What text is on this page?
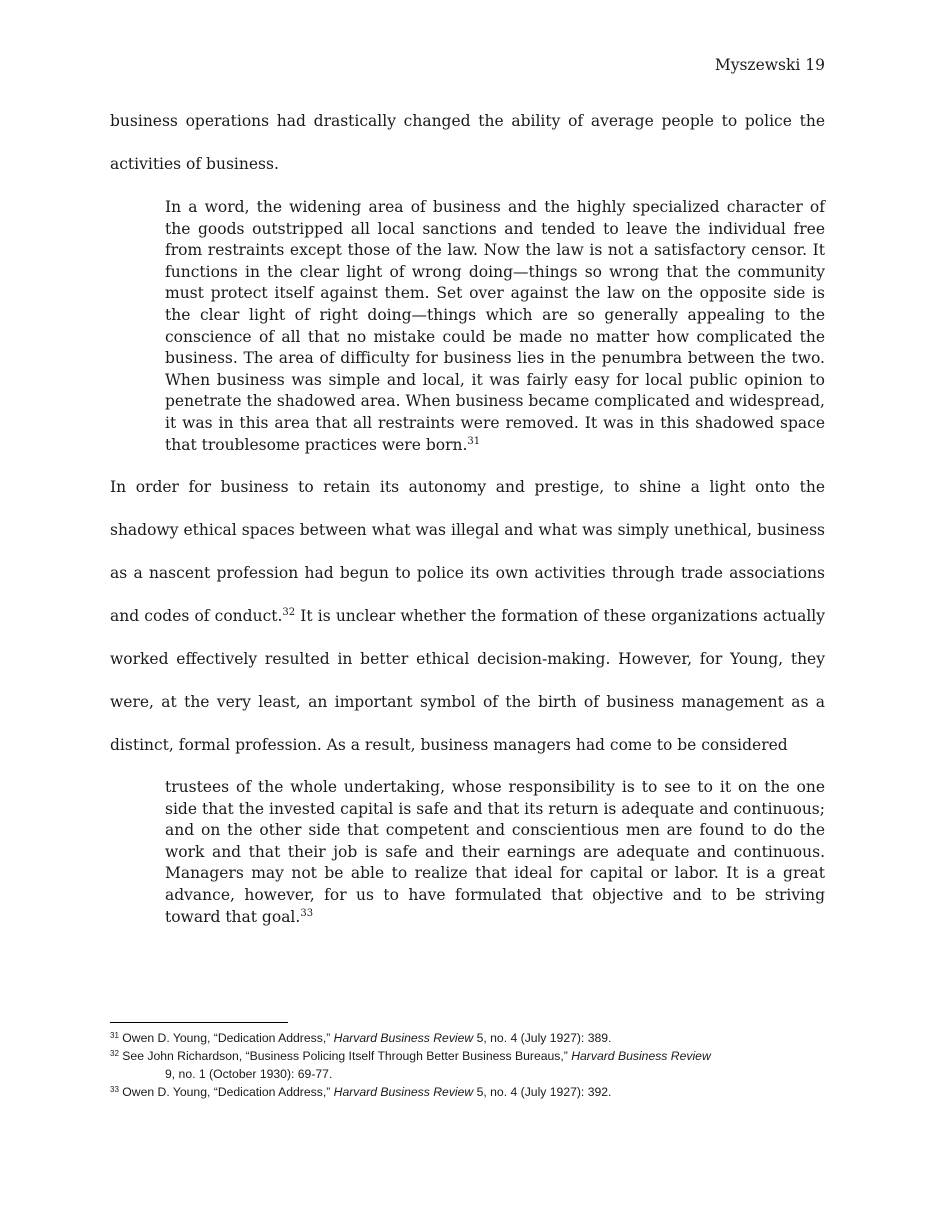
Myszewski 19
business operations had drastically changed the ability of average people to police the activities of business.
In a word, the widening area of business and the highly specialized character of the goods outstripped all local sanctions and tended to leave the individual free from restraints except those of the law. Now the law is not a satisfactory censor. It functions in the clear light of wrong doing—things so wrong that the community must protect itself against them. Set over against the law on the opposite side is the clear light of right doing—things which are so generally appealing to the conscience of all that no mistake could be made no matter how complicated the business. The area of difficulty for business lies in the penumbra between the two. When business was simple and local, it was fairly easy for local public opinion to penetrate the shadowed area. When business became complicated and widespread, it was in this area that all restraints were removed. It was in this shadowed space that troublesome practices were born.$^{31}$
In order for business to retain its autonomy and prestige, to shine a light onto the shadowy ethical spaces between what was illegal and what was simply unethical, business as a nascent profession had begun to police its own activities through trade associations and codes of conduct.$^{32}$ It is unclear whether the formation of these organizations actually worked effectively resulted in better ethical decision-making. However, for Young, they were, at the very least, an important symbol of the birth of business management as a distinct, formal profession. As a result, business managers had come to be considered
trustees of the whole undertaking, whose responsibility is to see to it on the one side that the invested capital is safe and that its return is adequate and continuous; and on the other side that competent and conscientious men are found to do the work and that their job is safe and their earnings are adequate and continuous. Managers may not be able to realize that ideal for capital or labor. It is a great advance, however, for us to have formulated that objective and to be striving toward that goal.$^{33}$
$^{31}$ Owen D. Young, “Dedication Address,” Harvard Business Review 5, no. 4 (July 1927): 389.
$^{32}$ See John Richardson, “Business Policing Itself Through Better Business Bureaus,” Harvard Business Review
9, no. 1 (October 1930): 69-77.
$^{33}$ Owen D. Young, “Dedication Address,” Harvard Business Review 5, no. 4 (July 1927): 392.
